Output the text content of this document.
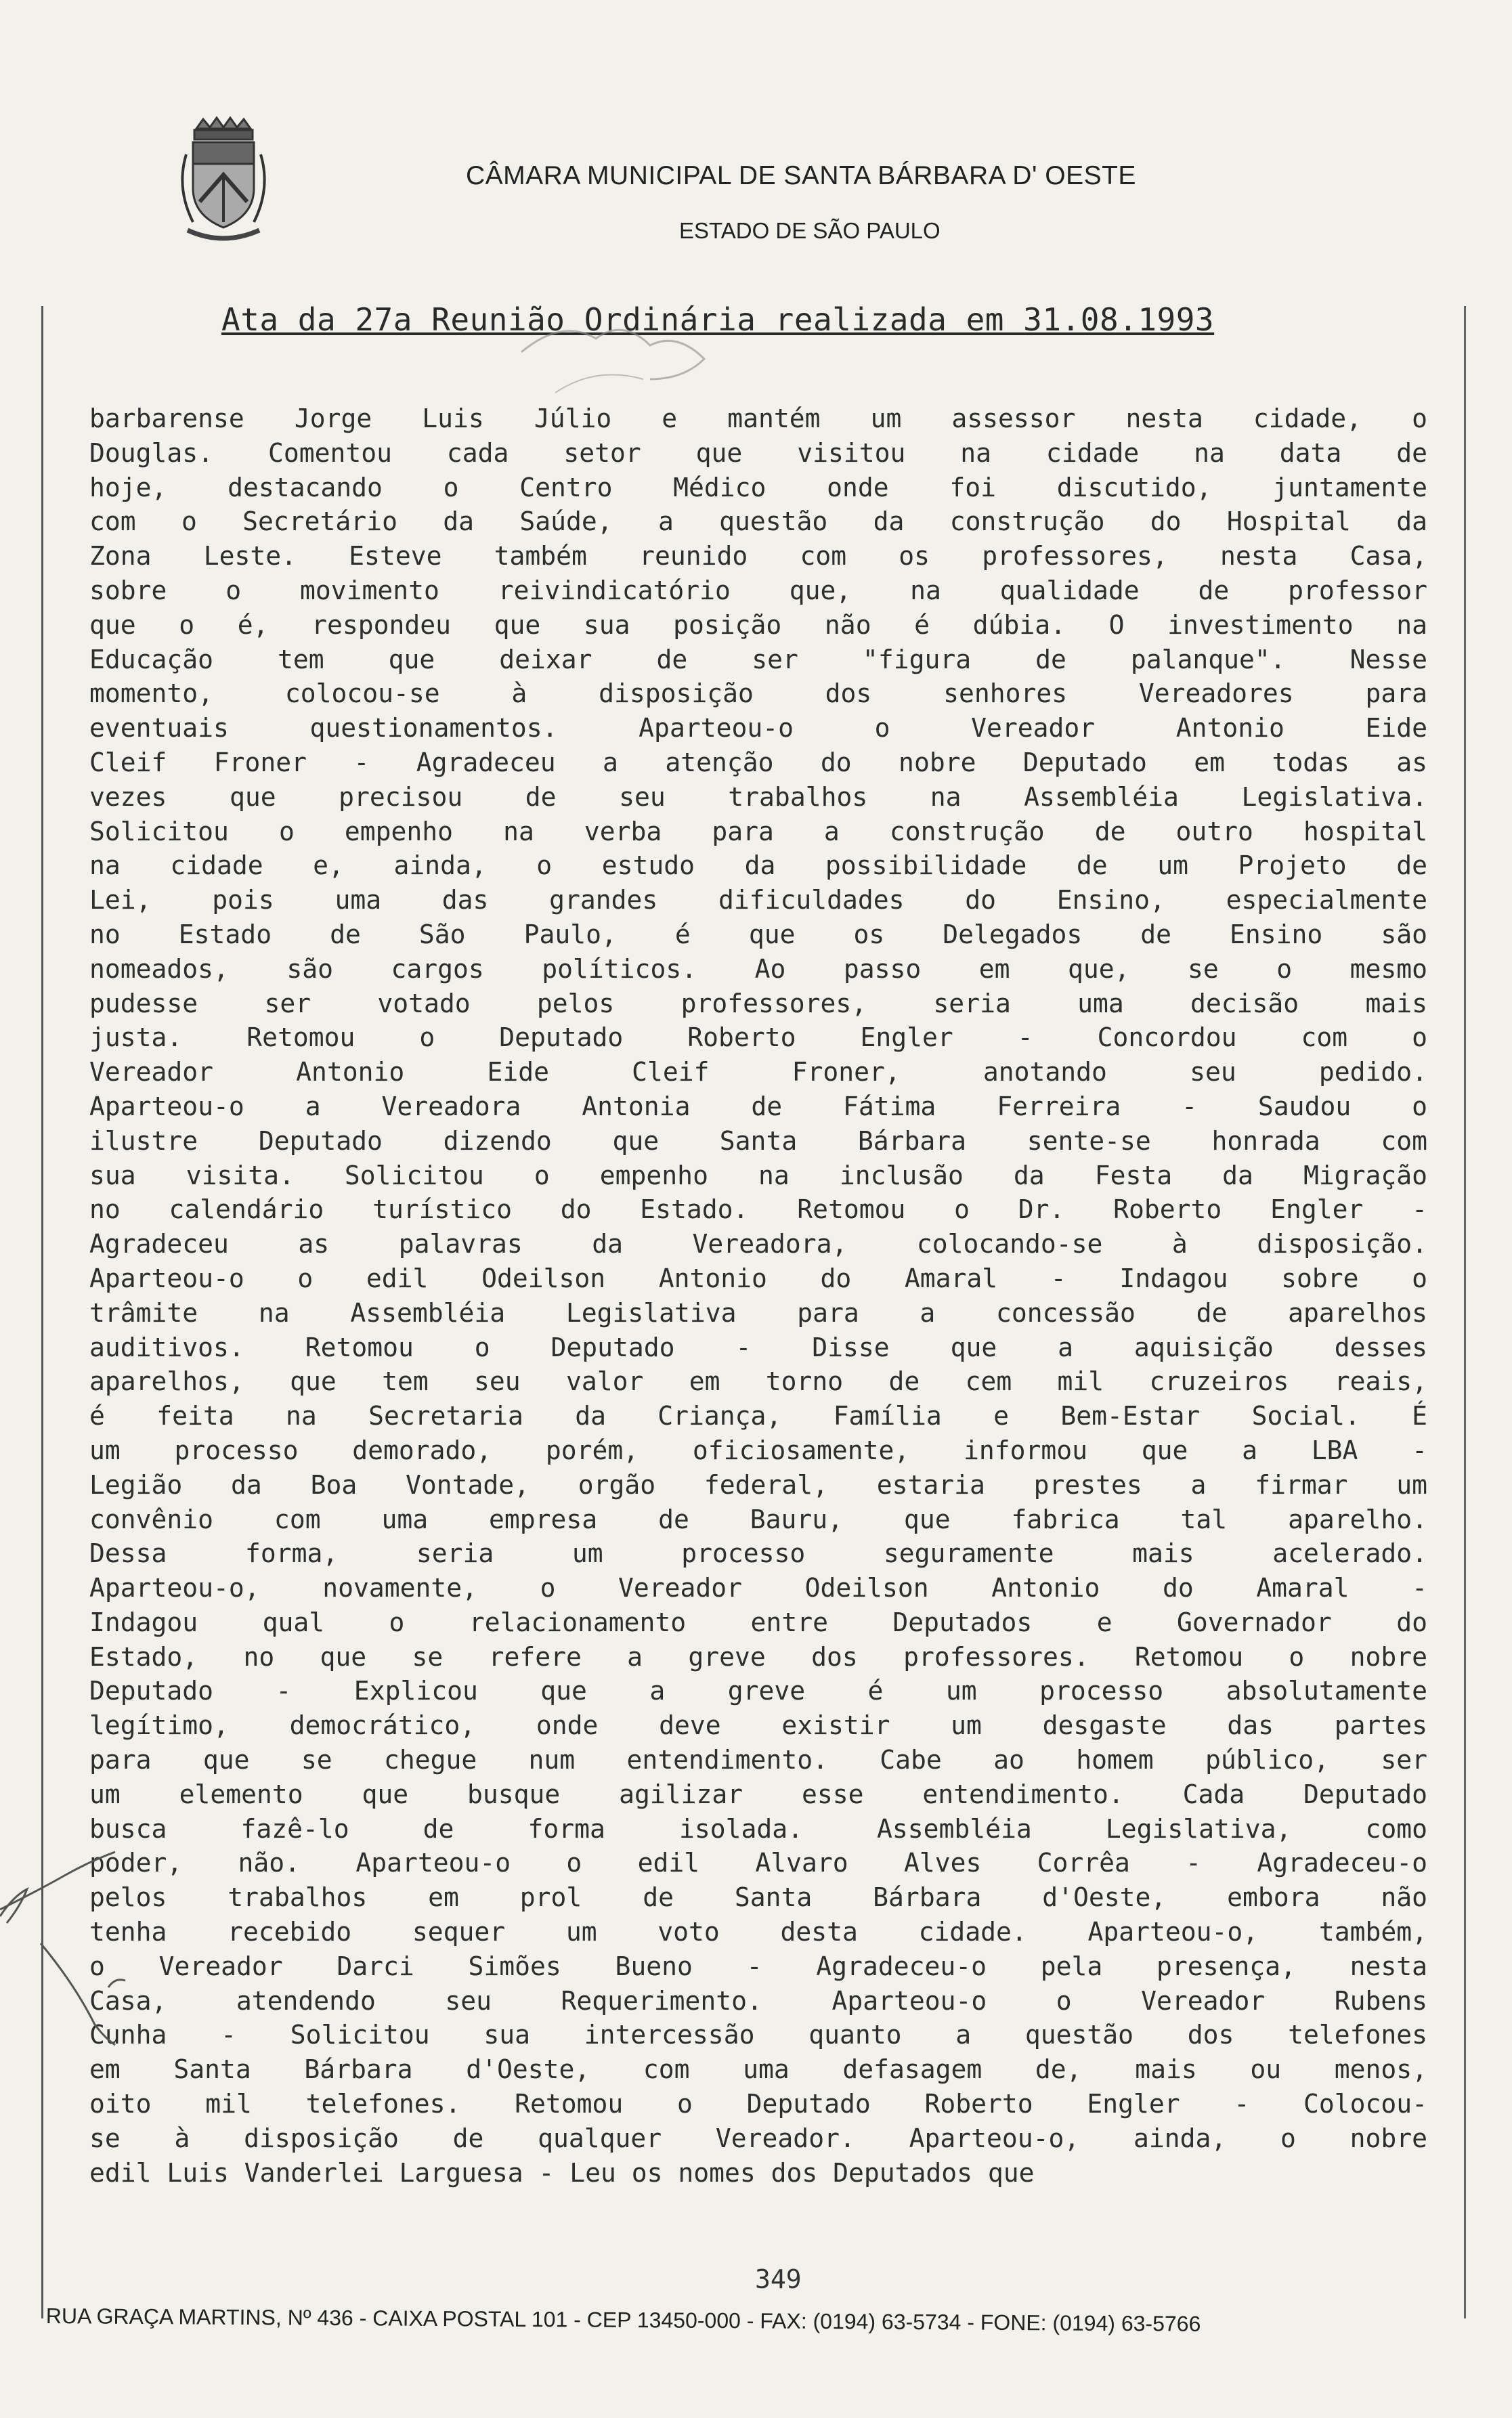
CÂMARA MUNICIPAL DE SANTA BÁRBARA D' OESTE
ESTADO DE SÃO PAULO
Ata da 27a Reunião Ordinária realizada em 31.08.1993
barbarense Jorge Luis Júlio e mantém um assessor nesta cidade, o
Douglas. Comentou cada setor que visitou na cidade na data de
hoje, destacando o Centro Médico onde foi discutido, juntamente
com o Secretário da Saúde, a questão da construção do Hospital da
Zona Leste. Esteve também reunido com os professores, nesta Casa,
sobre o movimento reivindicatório que, na qualidade de professor
que o é, respondeu que sua posição não é dúbia. O investimento na
Educação tem que deixar de ser "figura de palanque". Nesse
momento, colocou-se à disposição dos senhores Vereadores para
eventuais questionamentos. Aparteou-o o Vereador Antonio Eide
Cleif Froner - Agradeceu a atenção do nobre Deputado em todas as
vezes que precisou de seu trabalhos na Assembléia Legislativa.
Solicitou o empenho na verba para a construção de outro hospital
na cidade e, ainda, o estudo da possibilidade de um Projeto de
Lei, pois uma das grandes dificuldades do Ensino, especialmente
no Estado de São Paulo, é que os Delegados de Ensino são
nomeados, são cargos políticos. Ao passo em que, se o mesmo
pudesse ser votado pelos professores, seria uma decisão mais
justa. Retomou o Deputado Roberto Engler - Concordou com o
Vereador Antonio Eide Cleif Froner, anotando seu pedido.
Aparteou-o a Vereadora Antonia de Fátima Ferreira - Saudou o
ilustre Deputado dizendo que Santa Bárbara sente-se honrada com
sua visita. Solicitou o empenho na inclusão da Festa da Migração
no calendário turístico do Estado. Retomou o Dr. Roberto Engler -
Agradeceu as palavras da Vereadora, colocando-se à disposição.
Aparteou-o o edil Odeilson Antonio do Amaral - Indagou sobre o
trâmite na Assembléia Legislativa para a concessão de aparelhos
auditivos. Retomou o Deputado - Disse que a aquisição desses
aparelhos, que tem seu valor em torno de cem mil cruzeiros reais,
é feita na Secretaria da Criança, Família e Bem-Estar Social. É
um processo demorado, porém, oficiosamente, informou que a LBA -
Legião da Boa Vontade, orgão federal, estaria prestes a firmar um
convênio com uma empresa de Bauru, que fabrica tal aparelho.
Dessa forma, seria um processo seguramente mais acelerado.
Aparteou-o, novamente, o Vereador Odeilson Antonio do Amaral -
Indagou qual o relacionamento entre Deputados e Governador do
Estado, no que se refere a greve dos professores. Retomou o nobre
Deputado - Explicou que a greve é um processo absolutamente
legítimo, democrático, onde deve existir um desgaste das partes
para que se chegue num entendimento. Cabe ao homem público, ser
um elemento que busque agilizar esse entendimento. Cada Deputado
busca fazê-lo de forma isolada. Assembléia Legislativa, como
poder, não. Aparteou-o o edil Alvaro Alves Corrêa - Agradeceu-o
pelos trabalhos em prol de Santa Bárbara d'Oeste, embora não
tenha recebido sequer um voto desta cidade. Aparteou-o, também,
o Vereador Darci Simões Bueno - Agradeceu-o pela presença, nesta
Casa, atendendo seu Requerimento. Aparteou-o o Vereador Rubens
Cunha - Solicitou sua intercessão quanto a questão dos telefones
em Santa Bárbara d'Oeste, com uma defasagem de, mais ou menos,
oito mil telefones. Retomou o Deputado Roberto Engler - Colocou-
se à disposição de qualquer Vereador. Aparteou-o, ainda, o nobre
edil Luis Vanderlei Larguesa - Leu os nomes dos Deputados que
349
RUA GRAÇA MARTINS, Nº 436 - CAIXA POSTAL 101 - CEP 13450-000 - FAX: (0194) 63-5734 - FONE: (0194) 63-5766
